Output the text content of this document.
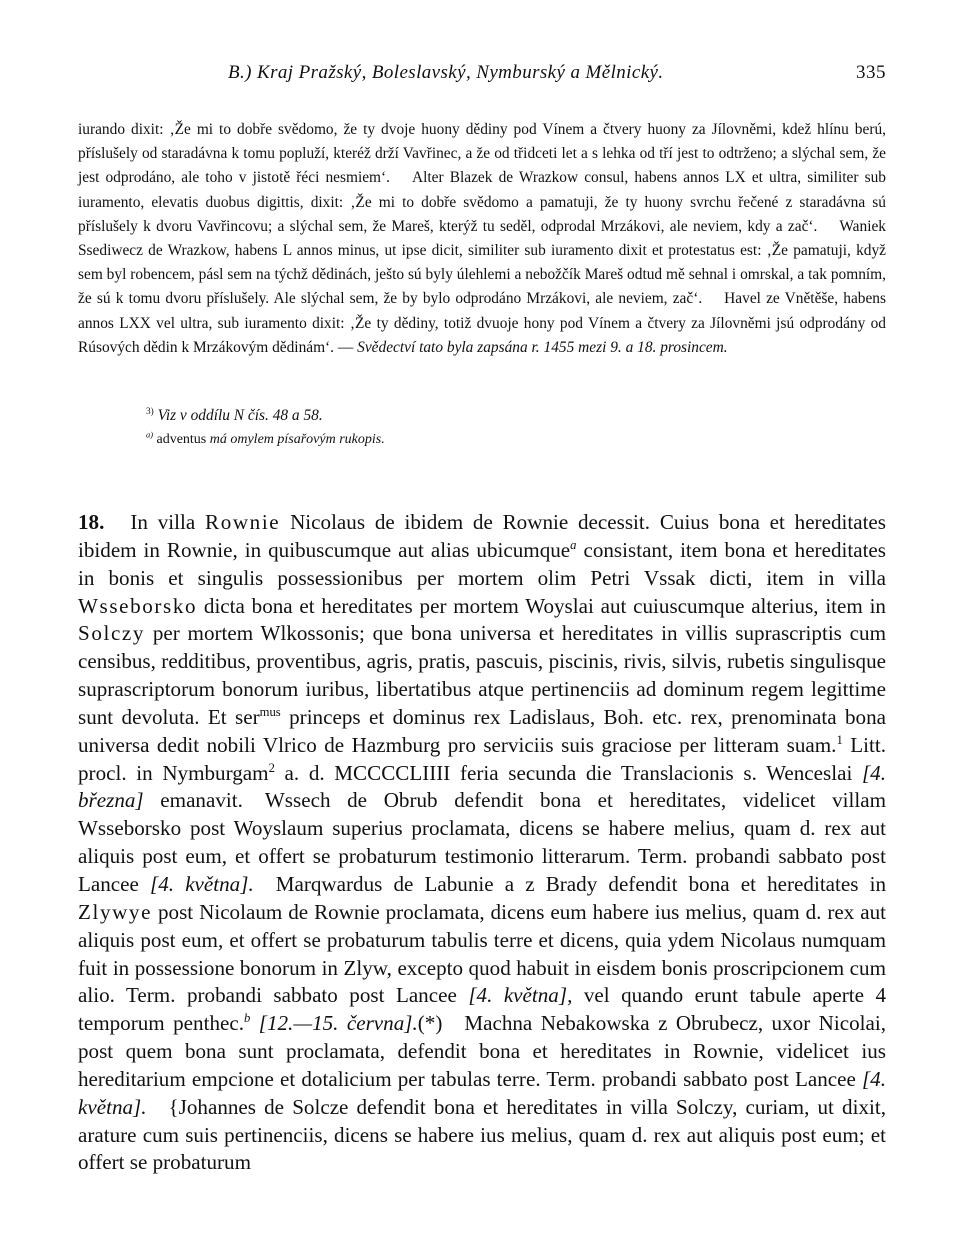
B.) Kraj Pražský, Boleslavský, Nymburský a Mělnický.	335

iurando dixit: ‚Že mi to dobře svědomo, že ty dvoje huony dědiny pod Vínem a čtvery huony za Jílovněmi, kdež hlínu berú, příslušely od staradávna k tomu popluží, kteréž drží Vavřinec, a že od třidceti let a s lehka od tří jest to odtrženo; a slýchal sem, že jest odprodáno, ale toho v jistotě řéci nesmiem‘. Alter Blazek de Wrazkow consul, habens annos LX et ultra, similiter sub iuramento, elevatis duobus digittis, dixit: ‚Že mi to dobře svědomo a pamatuji, že ty huony svrchu řečené z staradávna sú příslušely k dvoru Vavřincovu; a slýchal sem, že Mareš, kterýž tu seděl, odprodal Mrzákovi, ale neviem, kdy a zač‘. Waniek Ssediwecz de Wrazkow, habens L annos minus, ut ipse dicit, similiter sub iuramento dixit et protestatus est: ‚Že pamatuji, když sem byl robencem, pásl sem na týchž dědinách, ješto sú byly úlehlemi a nebožčík Mareš odtud mě sehnal i omrskal, a tak pomním, že sú k tomu dvoru příslušely. Ale slýchal sem, že by bylo odprodáno Mrzákovi, ale neviem, zač‘. Havel ze Vnětěše, habens annos LXX vel ultra, sub iuramento dixit: ‚Že ty dědiny, totiž dvuoje hony pod Vínem a čtvery za Jílovněmi jsú odprodány od Rúsových dědin k Mrzákovým dědinám‘. — Svědectví tato byla zapsána r. 1455 mezi 9. a 18. prosincem.

$^{3)}$ Viz v oddílu N čís. 48 a 58.

$^{a)}$ adventus má omylem písařovým rukopis.

18. In villa Rownie Nicolaus de ibidem de Rownie decessit. Cuius bona et hereditates ibidem in Rownie, in quibuscumque aut alias ubicumque$^a$ consistant, item bona et hereditates in bonis et singulis possessionibus per mortem olim Petri Vssak dicti, item in villa Wsseborsko dicta bona et hereditates per mortem Woyslai aut cuiuscumque alterius, item in Solczy per mortem Wlkossonis; que bona universa et hereditates in villis suprascriptis cum censibus, redditibus, proventibus, agris, pratis, pascuis, piscinis, rivis, silvis, rubetis singulisque suprascriptorum bonorum iuribus, libertatibus atque pertinenciis ad dominum regem legittime sunt devoluta. Et ser$^{mus}$ princeps et dominus rex Ladislaus, Boh. etc. rex, prenominata bona universa dedit nobili Vlrico de Hazmburg pro serviciis suis graciose per litteram suam.$^1$ Litt. procl. in Nymburgam$^2$ a. d. MCCCCLIIII feria secunda die Translacionis s. Wenceslai [4. března] emanavit. Wssech de Obrub defendit bona et hereditates, videlicet villam Wsseborsko post Woyslaum superius proclamata, dicens se habere melius, quam d. rex aut aliquis post eum, et offert se probaturum testimonio litterarum. Term. probandi sabbato post Lancee [4. května]. Marqwardus de Labunie a z Brady defendit bona et hereditates in Zlywye post Nicolaum de Rownie proclamata, dicens eum habere ius melius, quam d. rex aut aliquis post eum, et offert se probaturum tabulis terre et dicens, quia ydem Nicolaus numquam fuit in possessione bonorum in Zlyw, excepto quod habuit in eisdem bonis proscripcionem cum alio. Term. probandi sabbato post Lancee [4. května], vel quando erunt tabule aperte 4 temporum penthec.$^b$ [12.—15. června].(*) Machna Nebakowska z Obrubecz, uxor Nicolai, post quem bona sunt proclamata, defendit bona et hereditates in Rownie, videlicet ius hereditarium empcione et dotalicium per tabulas terre. Term. probandi sabbato post Lancee [4. května]. {Johannes de Solcze defendit bona et hereditates in villa Solczy, curiam, ut dixit, arature cum suis pertinenciis, dicens se habere ius melius, quam d. rex aut aliquis post eum; et offert se probaturum
